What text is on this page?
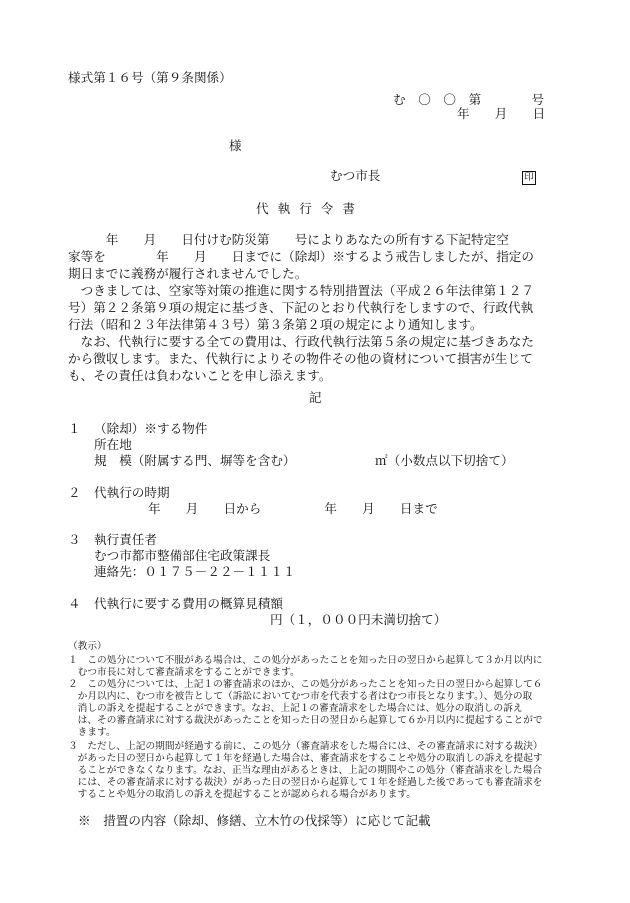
様式第１６号（第９条関係）
む　〇　〇　第　　　　号
年　　月　　日
様
むつ市長	印
代執行令書
　　　年　　月　　日付けむ防災第　　号によりあなたの所有する下記特定空
家等を　　　　年　　月　　日までに（除却）※するよう戒告しましたが、指定の
期日までに義務が履行されませんでした。
　つきましては、空家等対策の推進に関する特別措置法（平成２６年法律第１２７
号）第２２条第９項の規定に基づき、下記のとおり代執行をしますので、行政代執
行法（昭和２３年法律第４３号）第３条第２項の規定により通知します。
　なお、代執行に要する全ての費用は、行政代執行法第５条の規定に基づきあなた
から徴収します。また、代執行によりその物件その他の資材について損害が生じて
も、その責任は負わないことを申し添えます。
記
１ （除却）※する物件
所在地
規　模（附属する門、塀等を含む）	㎡（小数点以下切捨て）
２ 代執行の時期
年　　月　　日から　　　　　年　　月　　日まで
３ 執行責任者
むつ市都市整備部住宅政策課長
連絡先：０１７５－２２－１１１１
４ 代執行に要する費用の概算見積額
円（１，０００円未満切捨て）
（教示）
１　この処分について不服がある場合は、この処分があったことを知った日の翌日から起算して３か月以内に
　むつ市長に対して審査請求をすることができます。
２　この処分については、上記１の審査請求のほか、この処分があったことを知った日の翌日から起算して６
　か月以内に、むつ市を被告として（訴訟においてむつ市を代表する者はむつ市長となります。）、処分の取
　消しの訴えを提起することができます。なお、上記１の審査請求をした場合には、処分の取消しの訴え
　は、その審査請求に対する裁決があったことを知った日の翌日から起算して６か月以内に提起することがで
　きます。
３　ただし、上記の期間が経過する前に、この処分（審査請求をした場合には、その審査請求に対する裁決）
　があった日の翌日から起算して１年を経過した場合は、審査請求をすることや処分の取消しの訴えを提起す
　ることができなくなります。なお、正当な理由があるときは、上記の期間やこの処分（審査請求をした場合
　には、その審査請求に対する裁決）があった日の翌日から起算して１年を経過した後であっても審査請求を
　することや処分の取消しの訴えを提起することが認められる場合があります。
※　措置の内容（除却、修繕、立木竹の伐採等）に応じて記載
